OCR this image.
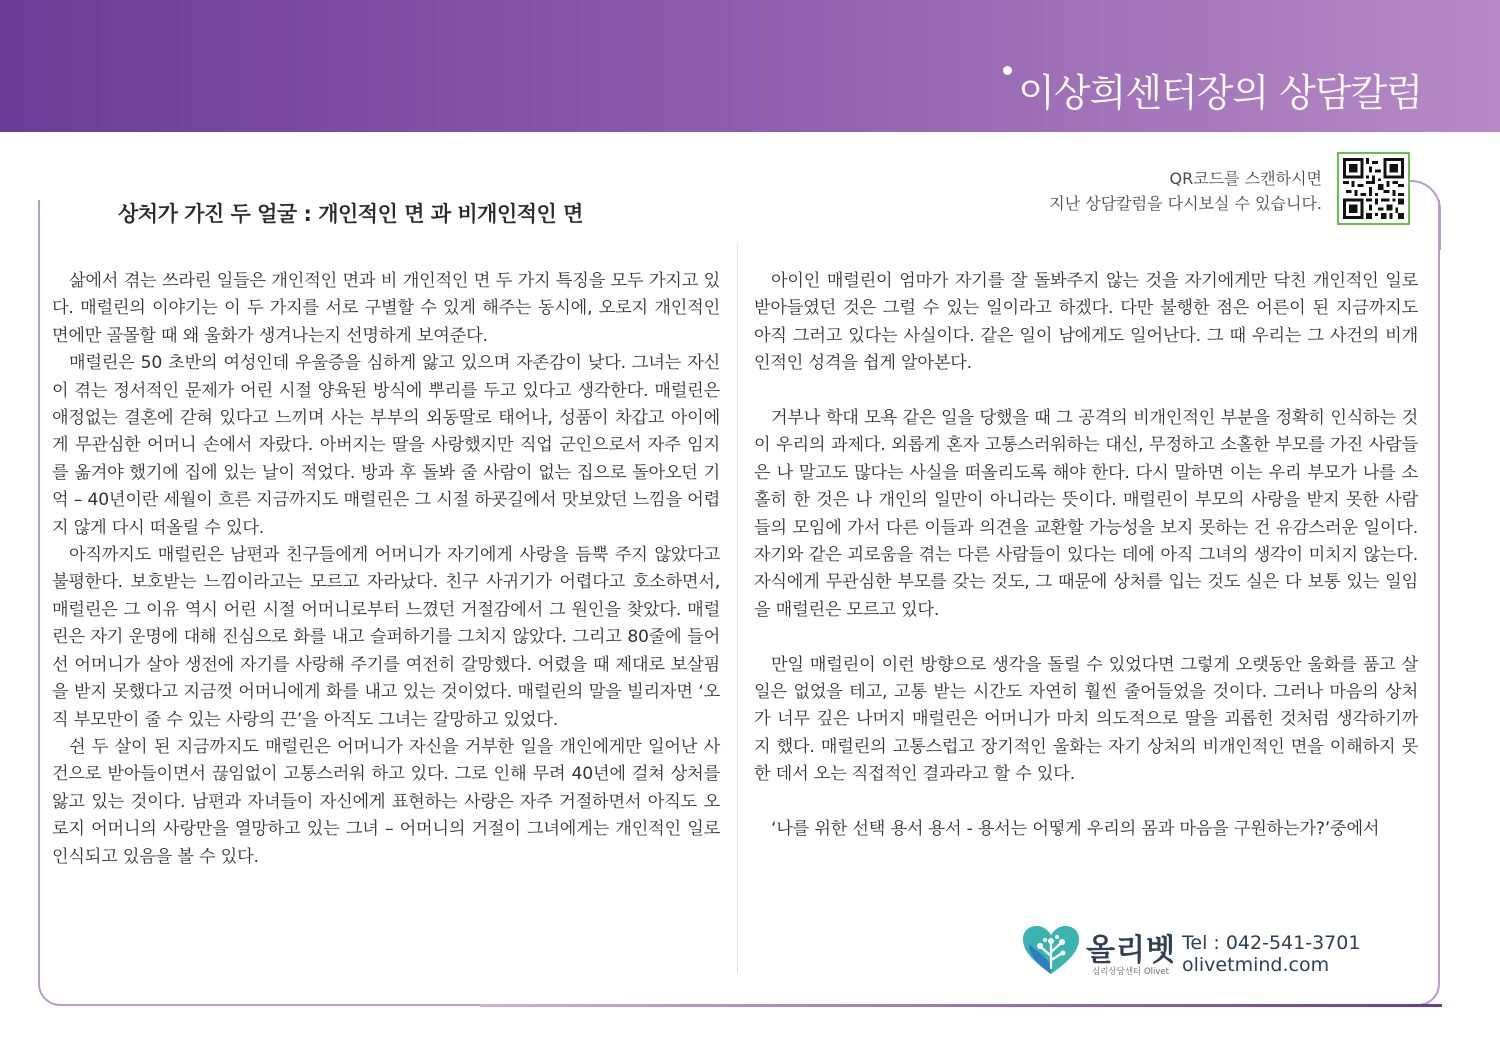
이상희센터장의 상담칼럼
상처가 가진 두 얼굴 : 개인적인 면 과 비개인적인 면
QR코드를 스캔하시면
지난 상담칼럼을 다시보실 수 있습니다.

삶에서 겪는 쓰라린 일들은 개인적인 면과 비 개인적인 면 두 가지 특징을 모두 가지고 있다. 매럴린의 이야기는 이 두 가지를 서로 구별할 수 있게 해주는 동시에, 오로지 개인적인 면에만 골몰할 때 왜 울화가 생겨나는지 선명하게 보여준다.

매럴린은 50 초반의 여성인데 우울증을 심하게 앓고 있으며 자존감이 낮다. 그녀는 자신이 겪는 정서적인 문제가 어린 시절 양육된 방식에 뿌리를 두고 있다고 생각한다. 매럴린은 애정없는 결혼에 갇혀 있다고 느끼며 사는 부부의 외동딸로 태어나, 성품이 차갑고 아이에게 무관심한 어머니 손에서 자랐다. 아버지는 딸을 사랑했지만 직업 군인으로서 자주 임지를 옮겨야 했기에 집에 있는 날이 적었다. 방과 후 돌봐 줄 사람이 없는 집으로 돌아오던 기억 – 40년이란 세월이 흐른 지금까지도 매럴린은 그 시절 하굣길에서 맛보았던 느낌을 어렵지 않게 다시 떠올릴 수 있다.

아직까지도 매럴린은 남편과 친구들에게 어머니가 자기에게 사랑을 듬뿍 주지 않았다고 불평한다. 보호받는 느낌이라고는 모르고 자라났다. 친구 사귀기가 어렵다고 호소하면서, 매럴린은 그 이유 역시 어린 시절 어머니로부터 느꼈던 거절감에서 그 원인을 찾았다. 매럴린은 자기 운명에 대해 진심으로 화를 내고 슬퍼하기를 그치지 않았다. 그리고 80줄에 들어선 어머니가 살아 생전에 자기를 사랑해 주기를 여전히 갈망했다. 어렸을 때 제대로 보살핌을 받지 못했다고 지금껏 어머니에게 화를 내고 있는 것이었다. 매럴린의 말을 빌리자면 ‘오직 부모만이 줄 수 있는 사랑의 끈’을 아직도 그녀는 갈망하고 있었다.

쉰 두 살이 된 지금까지도 매럴린은 어머니가 자신을 거부한 일을 개인에게만 일어난 사건으로 받아들이면서 끊임없이 고통스러워 하고 있다. 그로 인해 무려 40년에 걸쳐 상처를 앓고 있는 것이다. 남편과 자녀들이 자신에게 표현하는 사랑은 자주 거절하면서 아직도 오로지 어머니의 사랑만을 열망하고 있는 그녀 – 어머니의 거절이 그녀에게는 개인적인 일로 인식되고 있음을 볼 수 있다.

아이인 매럴린이 엄마가 자기를 잘 돌봐주지 않는 것을 자기에게만 닥친 개인적인 일로 받아들였던 것은 그럴 수 있는 일이라고 하겠다. 다만 불행한 점은 어른이 된 지금까지도 아직 그러고 있다는 사실이다. 같은 일이 남에게도 일어난다. 그 때 우리는 그 사건의 비개인적인 성격을 쉽게 알아본다.

거부나 학대 모욕 같은 일을 당했을 때 그 공격의 비개인적인 부분을 정확히 인식하는 것이 우리의 과제다. 외롭게 혼자 고통스러워하는 대신, 무정하고 소홀한 부모를 가진 사람들은 나 말고도 많다는 사실을 떠올리도록 해야 한다. 다시 말하면 이는 우리 부모가 나를 소홀히 한 것은 나 개인의 일만이 아니라는 뜻이다. 매럴린이 부모의 사랑을 받지 못한 사람들의 모임에 가서 다른 이들과 의견을 교환할 가능성을 보지 못하는 건 유감스러운 일이다. 자기와 같은 괴로움을 겪는 다른 사람들이 있다는 데에 아직 그녀의 생각이 미치지 않는다. 자식에게 무관심한 부모를 갖는 것도, 그 때문에 상처를 입는 것도 실은 다 보통 있는 일임을 매럴린은 모르고 있다.

만일 매럴린이 이런 방향으로 생각을 돌릴 수 있었다면 그렇게 오랫동안 울화를 품고 살 일은 없었을 테고, 고통 받는 시간도 자연히 훨씬 줄어들었을 것이다. 그러나 마음의 상처가 너무 깊은 나머지 매럴린은 어머니가 마치 의도적으로 딸을 괴롭힌 것처럼 생각하기까지 했다. 매럴린의 고통스럽고 장기적인 울화는 자기 상처의 비개인적인 면을 이해하지 못한 데서 오는 직접적인 결과라고 할 수 있다.

‘나를 위한 선택 용서 용서 - 용서는 어떻게 우리의 몸과 마음을 구원하는가?’중에서

올리벳
심리상담센터 Olivet
Tel : 042-541-3701
olivetmind.com
